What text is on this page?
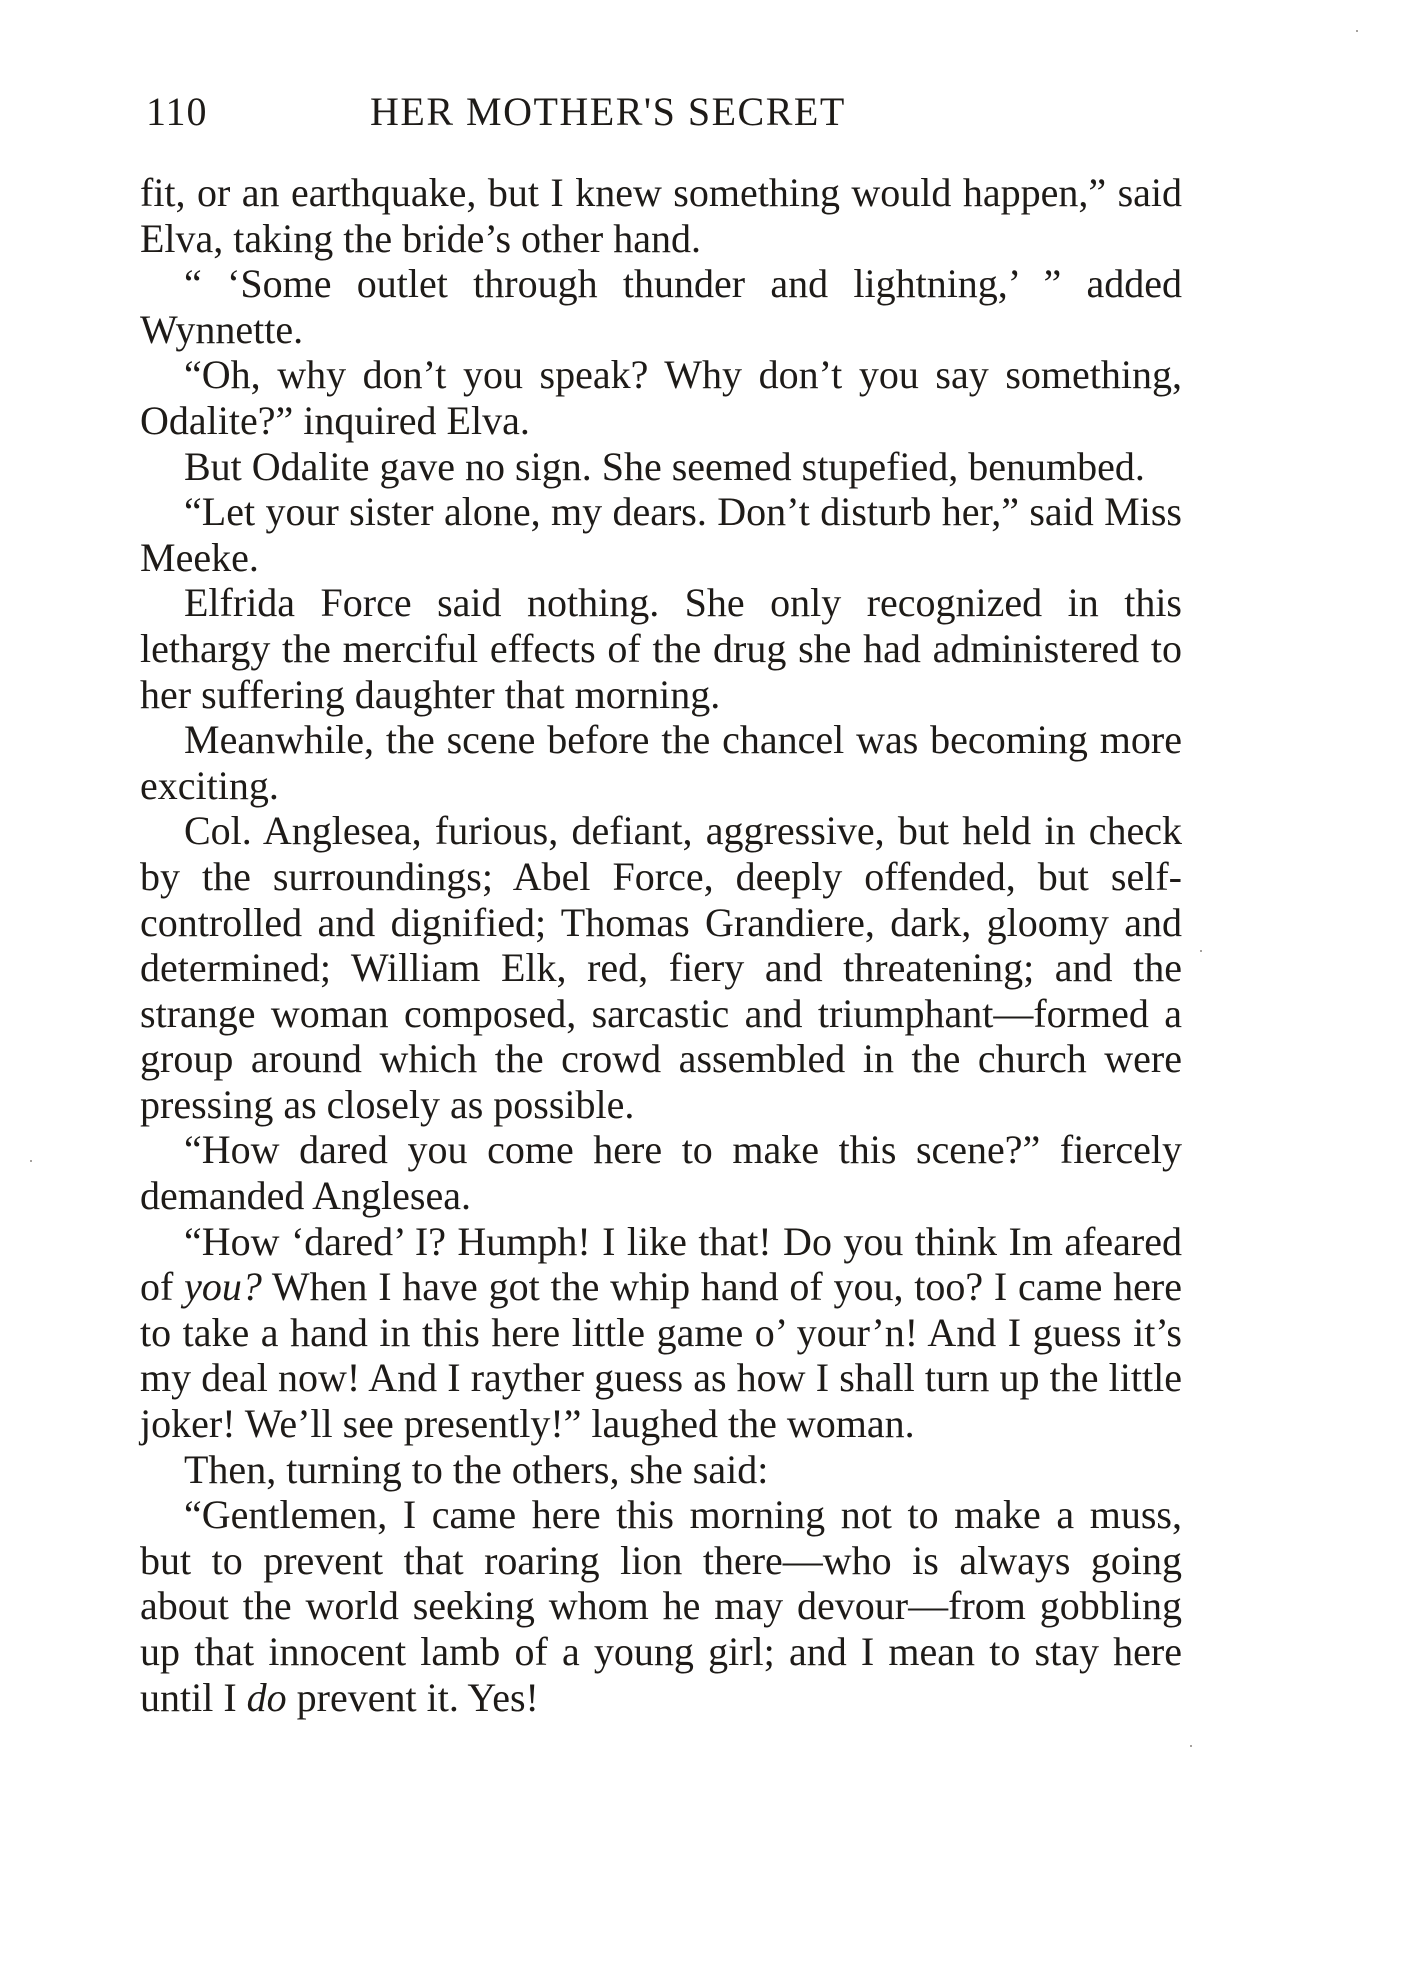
110	HER MOTHER'S SECRET

fit, or an earthquake, but I knew something would happen,” said Elva, taking the bride’s other hand.

“ ‘Some outlet through thunder and lightning,’ ” added Wynnette.

“Oh, why don’t you speak? Why don’t you say something, Odalite?” inquired Elva.

But Odalite gave no sign. She seemed stupefied, benumbed.

“Let your sister alone, my dears. Don’t disturb her,” said Miss Meeke.

Elfrida Force said nothing. She only recognized in this lethargy the merciful effects of the drug she had administered to her suffering daughter that morning.

Meanwhile, the scene before the chancel was becoming more exciting.

Col. Anglesea, furious, defiant, aggressive, but held in check by the surroundings; Abel Force, deeply offended, but self-controlled and dignified; Thomas Grandiere, dark, gloomy and determined; William Elk, red, fiery and threatening; and the strange woman composed, sarcastic and triumphant—formed a group around which the crowd assembled in the church were pressing as closely as possible.

“How dared you come here to make this scene?” fiercely demanded Anglesea.

“How ‘dared’ I? Humph! I like that! Do you think Im afeared of you? When I have got the whip hand of you, too? I came here to take a hand in this here little game o’ your’n! And I guess it’s my deal now! And I rayther guess as how I shall turn up the little joker! We’ll see presently!” laughed the woman.

Then, turning to the others, she said:

“Gentlemen, I came here this morning not to make a muss, but to prevent that roaring lion there—who is always going about the world seeking whom he may devour—from gobbling up that innocent lamb of a young girl; and I mean to stay here until I do prevent it. Yes!
